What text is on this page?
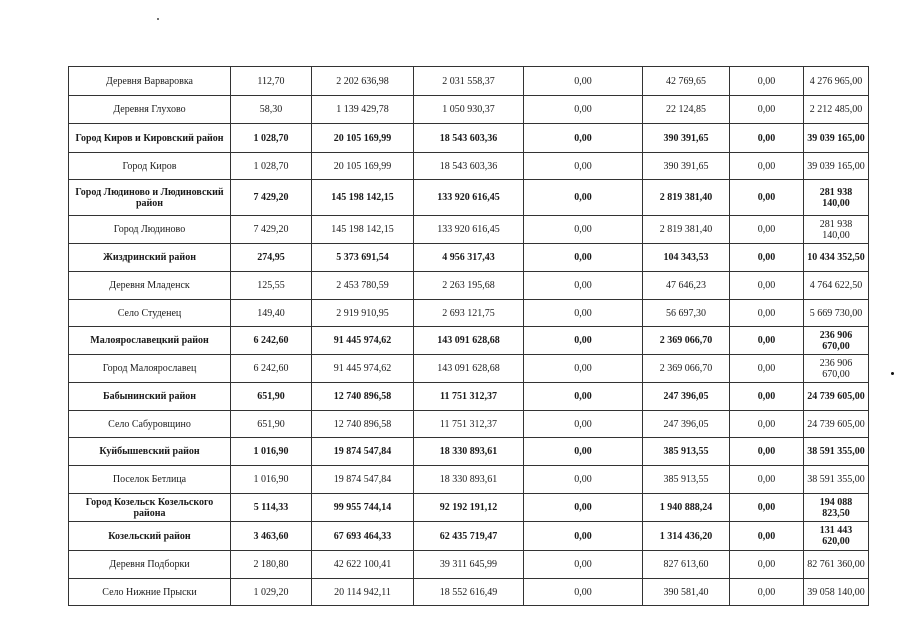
Деревня Варваровка	112,70	2 202 636,98	2 031 558,37	0,00	42 769,65	0,00	4 276 965,00
Деревня Глухово	58,30	1 139 429,78	1 050 930,37	0,00	22 124,85	0,00	2 212 485,00
Город Киров и Кировский район	1 028,70	20 105 169,99	18 543 603,36	0,00	390 391,65	0,00	39 039 165,00
Город Киров	1 028,70	20 105 169,99	18 543 603,36	0,00	390 391,65	0,00	39 039 165,00
Город Людиново и Людиновский район	7 429,20	145 198 142,15	133 920 616,45	0,00	2 819 381,40	0,00	281 938 140,00
Город Людиново	7 429,20	145 198 142,15	133 920 616,45	0,00	2 819 381,40	0,00	281 938 140,00
Жиздринский район	274,95	5 373 691,54	4 956 317,43	0,00	104 343,53	0,00	10 434 352,50
Деревня Младенск	125,55	2 453 780,59	2 263 195,68	0,00	47 646,23	0,00	4 764 622,50
Село Студенец	149,40	2 919 910,95	2 693 121,75	0,00	56 697,30	0,00	5 669 730,00
Малоярославецкий район	6 242,60	91 445 974,62	143 091 628,68	0,00	2 369 066,70	0,00	236 906 670,00
Город Малоярославец	6 242,60	91 445 974,62	143 091 628,68	0,00	2 369 066,70	0,00	236 906 670,00
Бабынинский район	651,90	12 740 896,58	11 751 312,37	0,00	247 396,05	0,00	24 739 605,00
Село Сабуровщино	651,90	12 740 896,58	11 751 312,37	0,00	247 396,05	0,00	24 739 605,00
Куйбышевский район	1 016,90	19 874 547,84	18 330 893,61	0,00	385 913,55	0,00	38 591 355,00
Поселок Бетлица	1 016,90	19 874 547,84	18 330 893,61	0,00	385 913,55	0,00	38 591 355,00
Город Козельск Козельского района	5 114,33	99 955 744,14	92 192 191,12	0,00	1 940 888,24	0,00	194 088 823,50
Козельский район	3 463,60	67 693 464,33	62 435 719,47	0,00	1 314 436,20	0,00	131 443 620,00
Деревня Подборки	2 180,80	42 622 100,41	39 311 645,99	0,00	827 613,60	0,00	82 761 360,00
Село Нижние Прыски	1 029,20	20 114 942,11	18 552 616,49	0,00	390 581,40	0,00	39 058 140,00
